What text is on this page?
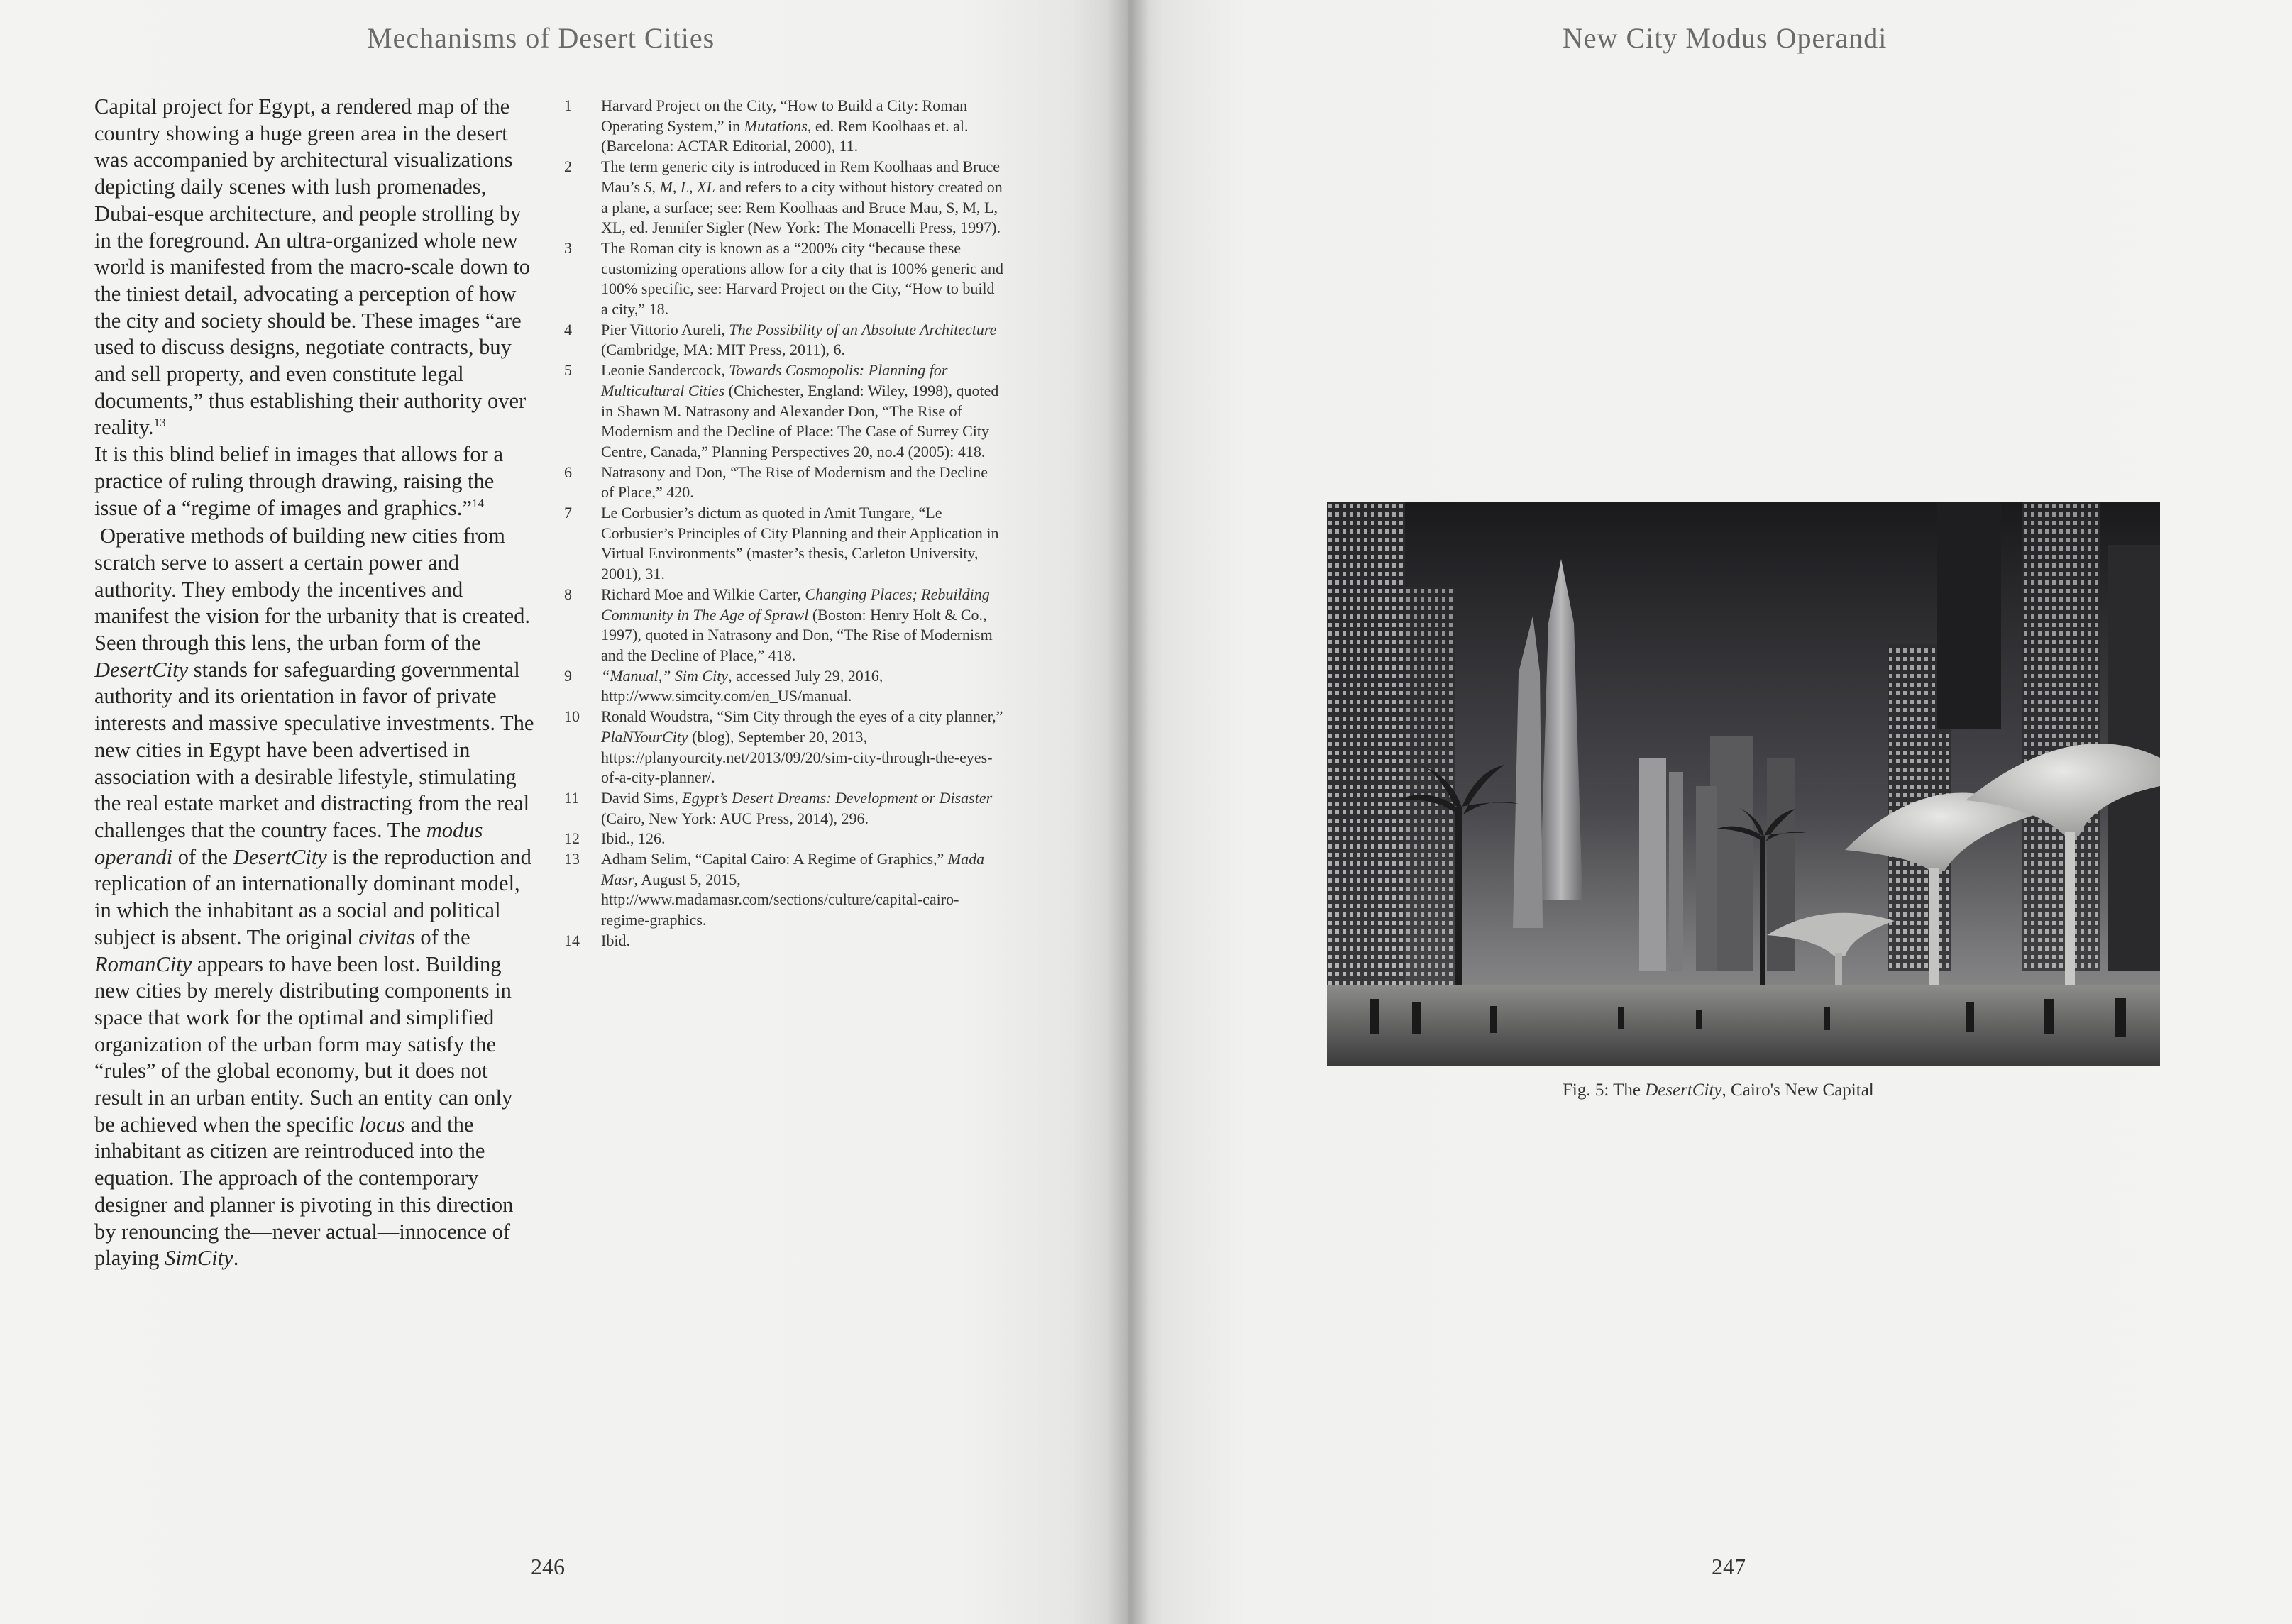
Mechanisms of Desert Cities

Capital project for Egypt, a rendered map of the country showing a huge green area in the desert was accompanied by architectural visualizations depicting daily scenes with lush promenades, Dubai-esque architecture, and people strolling by in the foreground. An ultra-organized whole new world is manifested from the macro-scale down to the tiniest detail, advocating a perception of how the city and society should be. These images “are used to discuss designs, negotiate contracts, buy and sell property, and even constitute legal documents,” thus establishing their authority over reality.$^{13}$
It is this blind belief in images that allows for a practice of ruling through drawing, raising the issue of a “regime of images and graphics.”$^{14}$

Operative methods of building new cities from scratch serve to assert a certain power and authority. They embody the incentives and manifest the vision for the urbanity that is created. Seen through this lens, the urban form of the DesertCity stands for safeguarding governmental authority and its orientation in favor of private interests and massive speculative investments. The new cities in Egypt have been advertised in association with a desirable lifestyle, stimulating the real estate market and distracting from the real challenges that the country faces. The modus operandi of the DesertCity is the reproduction and replication of an internationally dominant model, in which the inhabitant as a social and political subject is absent. The original civitas of the RomanCity appears to have been lost. Building new cities by merely distributing components in space that work for the optimal and simplified organization of the urban form may satisfy the “rules” of the global economy, but it does not result in an urban entity. Such an entity can only be achieved when the specific locus and the inhabitant as citizen are reintroduced into the equation. The approach of the contemporary designer and planner is pivoting in this direction by renouncing the—never actual—innocence of playing SimCity.

1	Harvard Project on the City, “How to Build a City: Roman Operating System,” in Mutations, ed. Rem Koolhaas et. al. (Barcelona: ACTAR Editorial, 2000), 11.
2	The term generic city is introduced in Rem Koolhaas and Bruce Mau’s S, M, L, XL and refers to a city without history created on a plane, a surface; see: Rem Koolhaas and Bruce Mau, S, M, L, XL, ed. Jennifer Sigler (New York: The Monacelli Press, 1997).
3	The Roman city is known as a “200% city “because these customizing operations allow for a city that is 100% generic and 100% specific, see: Harvard Project on the City, “How to build a city,” 18.
4	Pier Vittorio Aureli, The Possibility of an Absolute Architecture (Cambridge, MA: MIT Press, 2011), 6.
5	Leonie Sandercock, Towards Cosmopolis: Planning for Multicultural Cities (Chichester, England: Wiley, 1998), quoted in Shawn M. Natrasony and Alexander Don, “The Rise of Modernism and the Decline of Place: The Case of Surrey City Centre, Canada,” Planning Perspectives 20, no.4 (2005): 418.
6	Natrasony and Don, “The Rise of Modernism and the Decline of Place,” 420.
7	Le Corbusier’s dictum as quoted in Amit Tungare, “Le Corbusier’s Principles of City Planning and their Application in Virtual Environments” (master’s thesis, Carleton University, 2001), 31.
8	Richard Moe and Wilkie Carter, Changing Places; Rebuilding Community in The Age of Sprawl (Boston: Henry Holt & Co., 1997), quoted in Natrasony and Don, “The Rise of Modernism and the Decline of Place,” 418.
9	“Manual,” Sim City, accessed July 29, 2016, http://www.simcity.com/en_US/manual.
10	Ronald Woudstra, “Sim City through the eyes of a city planner,” PlaNYourCity (blog), September 20, 2013, https://planyourcity.net/2013/09/20/sim-city-through-the-eyes-of-a-city-planner/.
11	David Sims, Egypt’s Desert Dreams: Development or Disaster (Cairo, New York: AUC Press, 2014), 296.
12	Ibid., 126.
13	Adham Selim, “Capital Cairo: A Regime of Graphics,” Mada Masr, August 5, 2015, http://www.madamasr.com/sections/culture/capital-cairo-regime-graphics.
14	Ibid.
246
New City Modus Operandi
Fig. 5: The DesertCity, Cairo's New Capital
247
